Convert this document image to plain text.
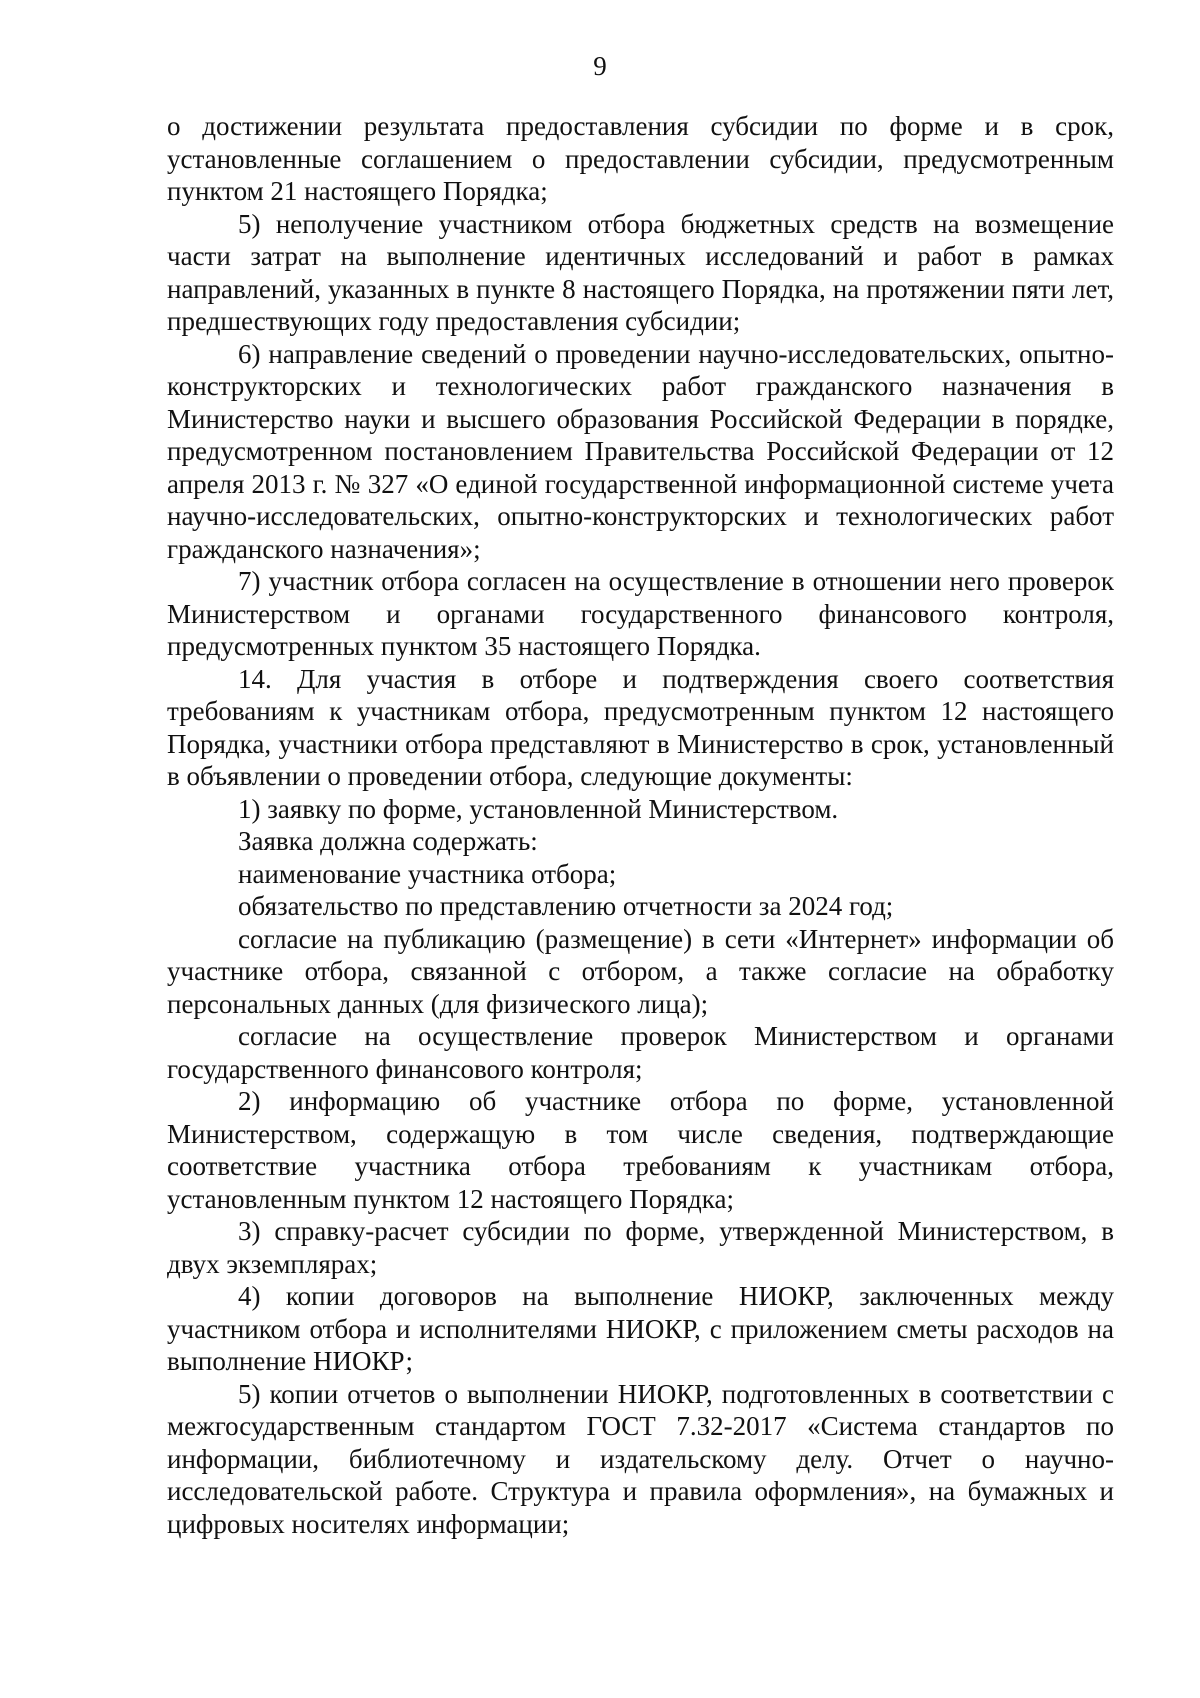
9

о достижении результата предоставления субсидии по форме и в срок, установленные соглашением о предоставлении субсидии, предусмотренным пунктом 21 настоящего Порядка;

5) неполучение участником отбора бюджетных средств на возмещение части затрат на выполнение идентичных исследований и работ в рамках направлений, указанных в пункте 8 настоящего Порядка, на протяжении пяти лет, предшествующих году предоставления субсидии;

6) направление сведений о проведении научно-исследовательских, опытно-конструкторских и технологических работ гражданского назначения в Министерство науки и высшего образования Российской Федерации в порядке, предусмотренном постановлением Правительства Российской Федерации от 12 апреля 2013 г. № 327 «О единой государственной информационной системе учета научно-исследовательских, опытно-конструкторских и технологических работ гражданского назначения»;

7) участник отбора согласен на осуществление в отношении него проверок Министерством и органами государственного финансового контроля, предусмотренных пунктом 35 настоящего Порядка.

14. Для участия в отборе и подтверждения своего соответствия требованиям к участникам отбора, предусмотренным пунктом 12 настоящего Порядка, участники отбора представляют в Министерство в срок, установленный в объявлении о проведении отбора, следующие документы:

1) заявку по форме, установленной Министерством.

Заявка должна содержать:

наименование участника отбора;

обязательство по представлению отчетности за 2024 год;

согласие на публикацию (размещение) в сети «Интернет» информации об участнике отбора, связанной с отбором, а также согласие на обработку персональных данных (для физического лица);

согласие на осуществление проверок Министерством и органами государственного финансового контроля;

2) информацию об участнике отбора по форме, установленной Министерством, содержащую в том числе сведения, подтверждающие соответствие участника отбора требованиям к участникам отбора, установленным пунктом 12 настоящего Порядка;

3) справку-расчет субсидии по форме, утвержденной Министерством, в двух экземплярах;

4) копии договоров на выполнение НИОКР, заключенных между участником отбора и исполнителями НИОКР, с приложением сметы расходов на выполнение НИОКР;

5) копии отчетов о выполнении НИОКР, подготовленных в соответствии с межгосударственным стандартом ГОСТ 7.32-2017 «Система стандартов по информации, библиотечному и издательскому делу. Отчет о научно-исследовательской работе. Структура и правила оформления», на бумажных и цифровых носителях информации;
